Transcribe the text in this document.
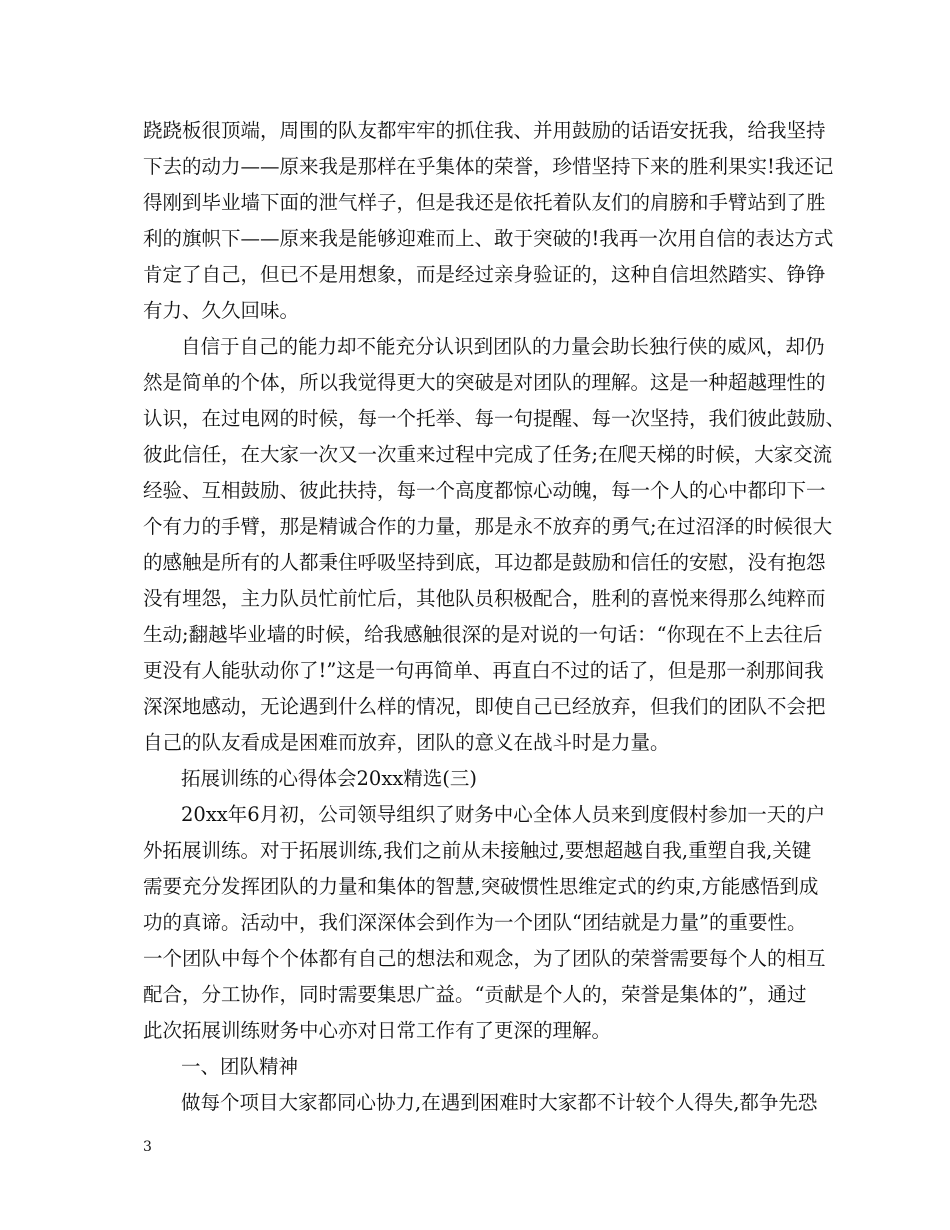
跷跷板很顶端，周围的队友都牢牢的抓住我、并用鼓励的话语安抚我，给我坚持
下去的动力——原来我是那样在乎集体的荣誉，珍惜坚持下来的胜利果实!我还记
得刚到毕业墙下面的泄气样子，但是我还是依托着队友们的肩膀和手臂站到了胜
利的旗帜下——原来我是能够迎难而上、敢于突破的!我再一次用自信的表达方式
肯定了自己，但已不是用想象，而是经过亲身验证的，这种自信坦然踏实、铮铮
有力、久久回味。
自信于自己的能力却不能充分认识到团队的力量会助长独行侠的威风，却仍
然是简单的个体，所以我觉得更大的突破是对团队的理解。这是一种超越理性的
认识，在过电网的时候，每一个托举、每一句提醒、每一次坚持，我们彼此鼓励、
彼此信任，在大家一次又一次重来过程中完成了任务;在爬天梯的时候，大家交流
经验、互相鼓励、彼此扶持，每一个高度都惊心动魄，每一个人的心中都印下一
个有力的手臂，那是精诚合作的力量，那是永不放弃的勇气;在过沼泽的时候很大
的感触是所有的人都秉住呼吸坚持到底，耳边都是鼓励和信任的安慰，没有抱怨
没有埋怨，主力队员忙前忙后，其他队员积极配合，胜利的喜悦来得那么纯粹而
生动;翻越毕业墙的时候，给我感触很深的是对说的一句话：“你现在不上去往后
更没有人能驮动你了!”这是一句再简单、再直白不过的话了，但是那一刹那间我
深深地感动，无论遇到什么样的情况，即使自己已经放弃，但我们的团队不会把
自己的队友看成是困难而放弃，团队的意义在战斗时是力量。
拓展训练的心得体会20xx精选(三)
20xx年6月初，公司领导组织了财务中心全体人员来到度假村参加一天的户
外拓展训练。对于拓展训练,我们之前从未接触过,要想超越自我,重塑自我,关键
需要充分发挥团队的力量和集体的智慧,突破惯性思维定式的约束,方能感悟到成
功的真谛。活动中，我们深深体会到作为一个团队“团结就是力量”的重要性。
一个团队中每个个体都有自己的想法和观念，为了团队的荣誉需要每个人的相互
配合，分工协作，同时需要集思广益。“贡献是个人的，荣誉是集体的”，通过
此次拓展训练财务中心亦对日常工作有了更深的理解。
一、团队精神
做每个项目大家都同心协力,在遇到困难时大家都不计较个人得失,都争先恐
3
